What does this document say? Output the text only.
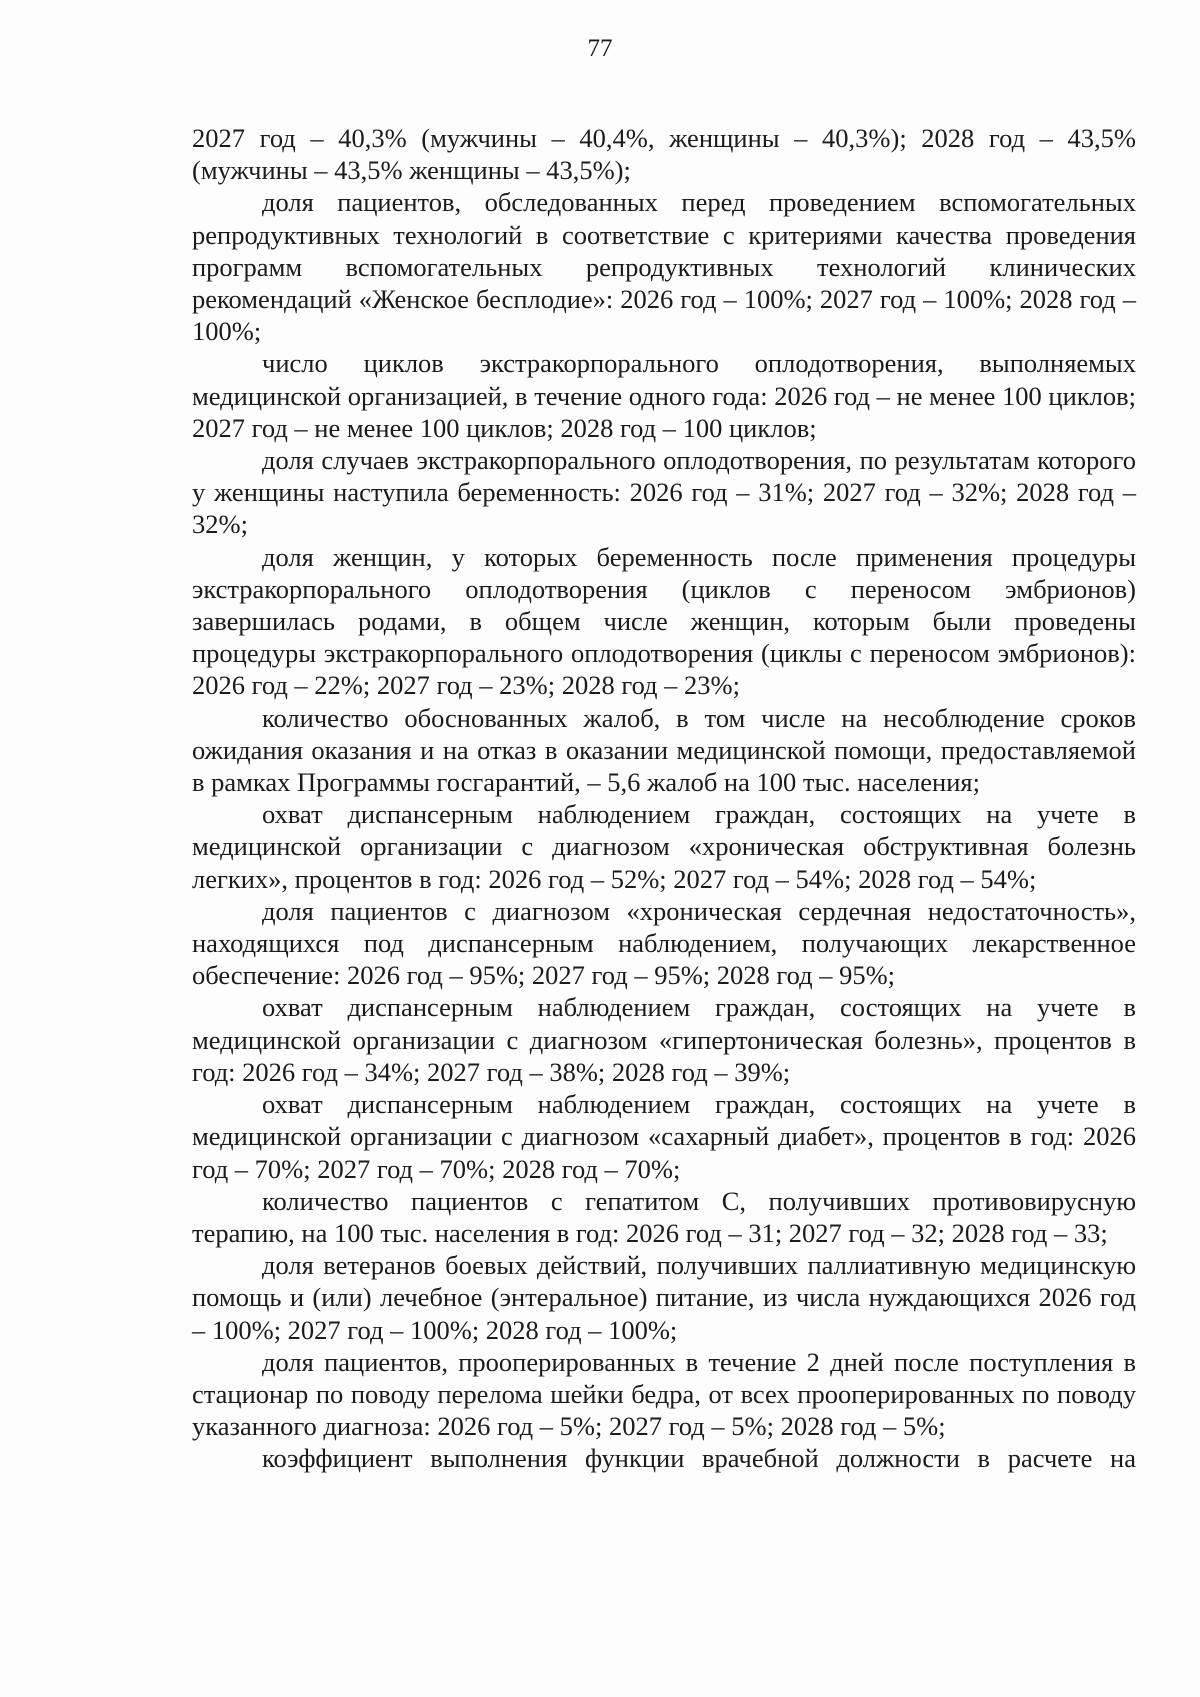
77

2027 год – 40,3% (мужчины – 40,4%, женщины – 40,3%); 2028 год – 43,5% (мужчины – 43,5% женщины – 43,5%);

доля пациентов, обследованных перед проведением вспомогательных репродуктивных технологий в соответствие с критериями качества проведения программ вспомогательных репродуктивных технологий клинических рекомендаций «Женское бесплодие»: 2026 год – 100%; 2027 год – 100%; 2028 год – 100%;

число циклов экстракорпорального оплодотворения, выполняемых медицинской организацией, в течение одного года: 2026 год – не менее 100 циклов; 2027 год – не менее 100 циклов; 2028 год – 100 циклов;

доля случаев экстракорпорального оплодотворения, по результатам которого у женщины наступила беременность: 2026 год – 31%; 2027 год – 32%; 2028 год – 32%;

доля женщин, у которых беременность после применения процедуры экстракорпорального оплодотворения (циклов с переносом эмбрионов) завершилась родами, в общем числе женщин, которым были проведены процедуры экстракорпорального оплодотворения (циклы с переносом эмбрионов): 2026 год – 22%; 2027 год – 23%; 2028 год – 23%;

количество обоснованных жалоб, в том числе на несоблюдение сроков ожидания оказания и на отказ в оказании медицинской помощи, предоставляемой в рамках Программы госгарантий, – 5,6 жалоб на 100 тыс. населения;

охват диспансерным наблюдением граждан, состоящих на учете в медицинской организации с диагнозом «хроническая обструктивная болезнь легких», процентов в год: 2026 год – 52%; 2027 год – 54%; 2028 год – 54%;

доля пациентов с диагнозом «хроническая сердечная недостаточность», находящихся под диспансерным наблюдением, получающих лекарственное обеспечение: 2026 год – 95%; 2027 год – 95%; 2028 год – 95%;

охват диспансерным наблюдением граждан, состоящих на учете в медицинской организации с диагнозом «гипертоническая болезнь», процентов в год: 2026 год – 34%; 2027 год – 38%; 2028 год – 39%;

охват диспансерным наблюдением граждан, состоящих на учете в медицинской организации с диагнозом «сахарный диабет», процентов в год: 2026 год – 70%; 2027 год – 70%; 2028 год – 70%;

количество пациентов с гепатитом С, получивших противовирусную терапию, на 100 тыс. населения в год: 2026 год – 31; 2027 год – 32; 2028 год – 33;

доля ветеранов боевых действий, получивших паллиативную медицинскую помощь и (или) лечебное (энтеральное) питание, из числа нуждающихся 2026 год – 100%; 2027 год – 100%; 2028 год – 100%;

доля пациентов, прооперированных в течение 2 дней после поступления в стационар по поводу перелома шейки бедра, от всех прооперированных по поводу указанного диагноза: 2026 год – 5%; 2027 год – 5%; 2028 год – 5%;

коэффициент выполнения функции врачебной должности в расчете на
